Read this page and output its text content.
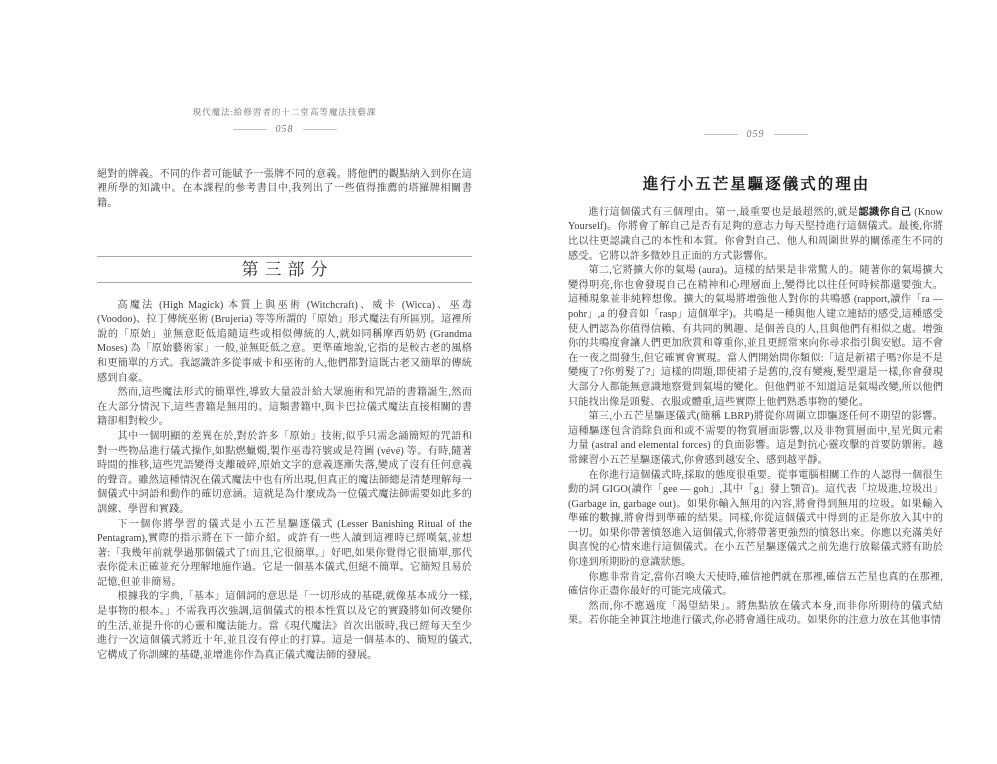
現代魔法:給修習者的十二堂高等魔法技藝課
058

絕對的牌義。不同的作者可能賦予一張牌不同的意義。將他們的觀點納入到你在這裡所學的知識中。在本課程的參考書目中,我列出了一些值得推薦的塔羅牌相關書籍。

第三部分

高魔法 (High Magick) 本質上與巫術 (Witchcraft)、威卡 (Wicca)、巫毒 (Voodoo)、拉丁傳統巫術 (Brujeria) 等等所謂的「原始」形式魔法有所區別。這裡所說的「原始」並無意貶低追隨這些或相似傳統的人,就如同稱摩西奶奶 (Grandma Moses) 為「原始藝術家」一般,並無貶低之意。更準確地說,它指的是較古老的風格和更簡單的方式。我認識許多從事威卡和巫術的人,他們都對這既古老又簡單的傳統感到自豪。

然而,這些魔法形式的簡單性,導致大量設計給大眾施術和咒語的書籍誕生,然而在大部分情況下,這些書籍是無用的。這類書籍中,與卡巴拉儀式魔法直接相關的書籍卻相對較少。

其中一個明顯的差異在於,對於許多「原始」技術,似乎只需念誦簡短的咒語和對一些物品進行儀式操作,如點燃蠟燭,製作巫毒符號或是符圖 (vévé) 等。有時,隨著時間的推移,這些咒語變得支離破碎,原始文字的意義逐漸失落,變成了沒有任何意義的聲音。雖然這種情況在儀式魔法中也有所出現,但真正的魔法師總是清楚理解每一個儀式中詞語和動作的確切意涵。這就是為什麼成為一位儀式魔法師需要如此多的訓練、學習和實踐。

下一個你將學習的儀式是小五芒星驅逐儀式 (Lesser Banishing Ritual of the Pentagram),實際的指示將在下一節介紹。或許有一些人讀到這裡時已經嘆氣,並想著:「我幾年前就學過那個儀式了!而且,它很簡單。」好吧,如果你覺得它很簡單,那代表你從未正確並充分理解地施作過。它是一個基本儀式,但絕不簡單。它簡短且易於記憶,但並非簡易。

根據我的字典,「基本」這個詞的意思是「一切形成的基礎,就像基本成分一樣,是事物的根本。」不需我再次強調,這個儀式的根本性質以及它的實踐將如何改變你的生活,並提升你的心靈和魔法能力。當《現代魔法》首次出版時,我已經每天至少進行一次這個儀式將近十年,並且沒有停止的打算。這是一個基本的、簡短的儀式,它構成了你訓練的基礎,並增進你作為真正儀式魔法師的發展。

059
進行小五芒星驅逐儀式的理由

進行這個儀式有三個理由。第一,最重要也是最超然的,就是認識你自己 (Know Yourself)。你將會了解自己是否有足夠的意志力每天堅持進行這個儀式。最後,你將比以往更認識自己的本性和本質。你會對自己、他人和周圍世界的關係產生不同的感受。它將以許多微妙且正面的方式影響你。

第二,它將擴大你的氣場 (aura)。這樣的結果是非常驚人的。隨著你的氣場擴大變得明亮,你也會發現自己在精神和心理層面上,變得比以往任何時候都還要強大。這種現象並非純粹想像。擴大的氣場將增強他人對你的共鳴感 (rapport,讀作「ra — pohr」,a 的發音如「rasp」這個單字)。共鳴是一種與他人建立連結的感受,這種感受使人們認為你值得信賴、有共同的興趣、是個善良的人,且與他們有相似之處。增強你的共鳴度會讓人們更加欣賞和尊重你,並且更經常來向你尋求指引與安慰。這不會在一夜之間發生,但它確實會實現。當人們開始問你類似:「這是新裙子嗎?你是不是變瘦了?你剪髮了?」這樣的問題,即使裙子是舊的,沒有變瘦,髮型還是一樣,你會發現大部分人都能無意識地察覺到氣場的變化。但他們並不知道這是氣場改變,所以他們只能找出像是頭髮、衣服或體重,這些實際上他們熟悉事物的變化。

第三,小五芒星驅逐儀式(簡稱 LBRP)將從你周圍立即驅逐任何不期望的影響。這種驅逐包含消除負面和或不需要的物質層面影響,以及非物質層面中,星光與元素力量 (astral and elemental forces) 的負面影響。這是對抗心靈攻擊的首要防禦術。越常練習小五芒星驅逐儀式,你會感到越安全、感到越平靜。

在你進行這個儀式時,採取的態度很重要。從事電腦相關工作的人認得一個很生動的詞 GIGO(讀作「gee — goh」,其中「g」發上顎音)。這代表「垃圾進,垃圾出」(Garbage in, garbage out)。如果你輸入無用的內容,將會得到無用的垃圾。如果輸入準確的數據,將會得到準確的結果。同樣,你從這個儀式中得到的正是你放入其中的一切。如果你帶著憤怒進入這個儀式,你將帶著更強烈的憤怒出來。你應以充滿美好與喜悅的心情來進行這個儀式。在小五芒星驅逐儀式之前先進行放鬆儀式將有助於你達到所期盼的意識狀態。

你應非常肯定,當你召喚大天使時,確信祂們就在那裡,確信五芒星也真的在那裡,確信你正盡你最好的可能完成儀式。

然而,你不應過度「渴望結果」。將焦點放在儀式本身,而非你所期待的儀式結果。若你能全神貫注地進行儀式,你必將會通往成功。如果你的注意力放在其他事情
